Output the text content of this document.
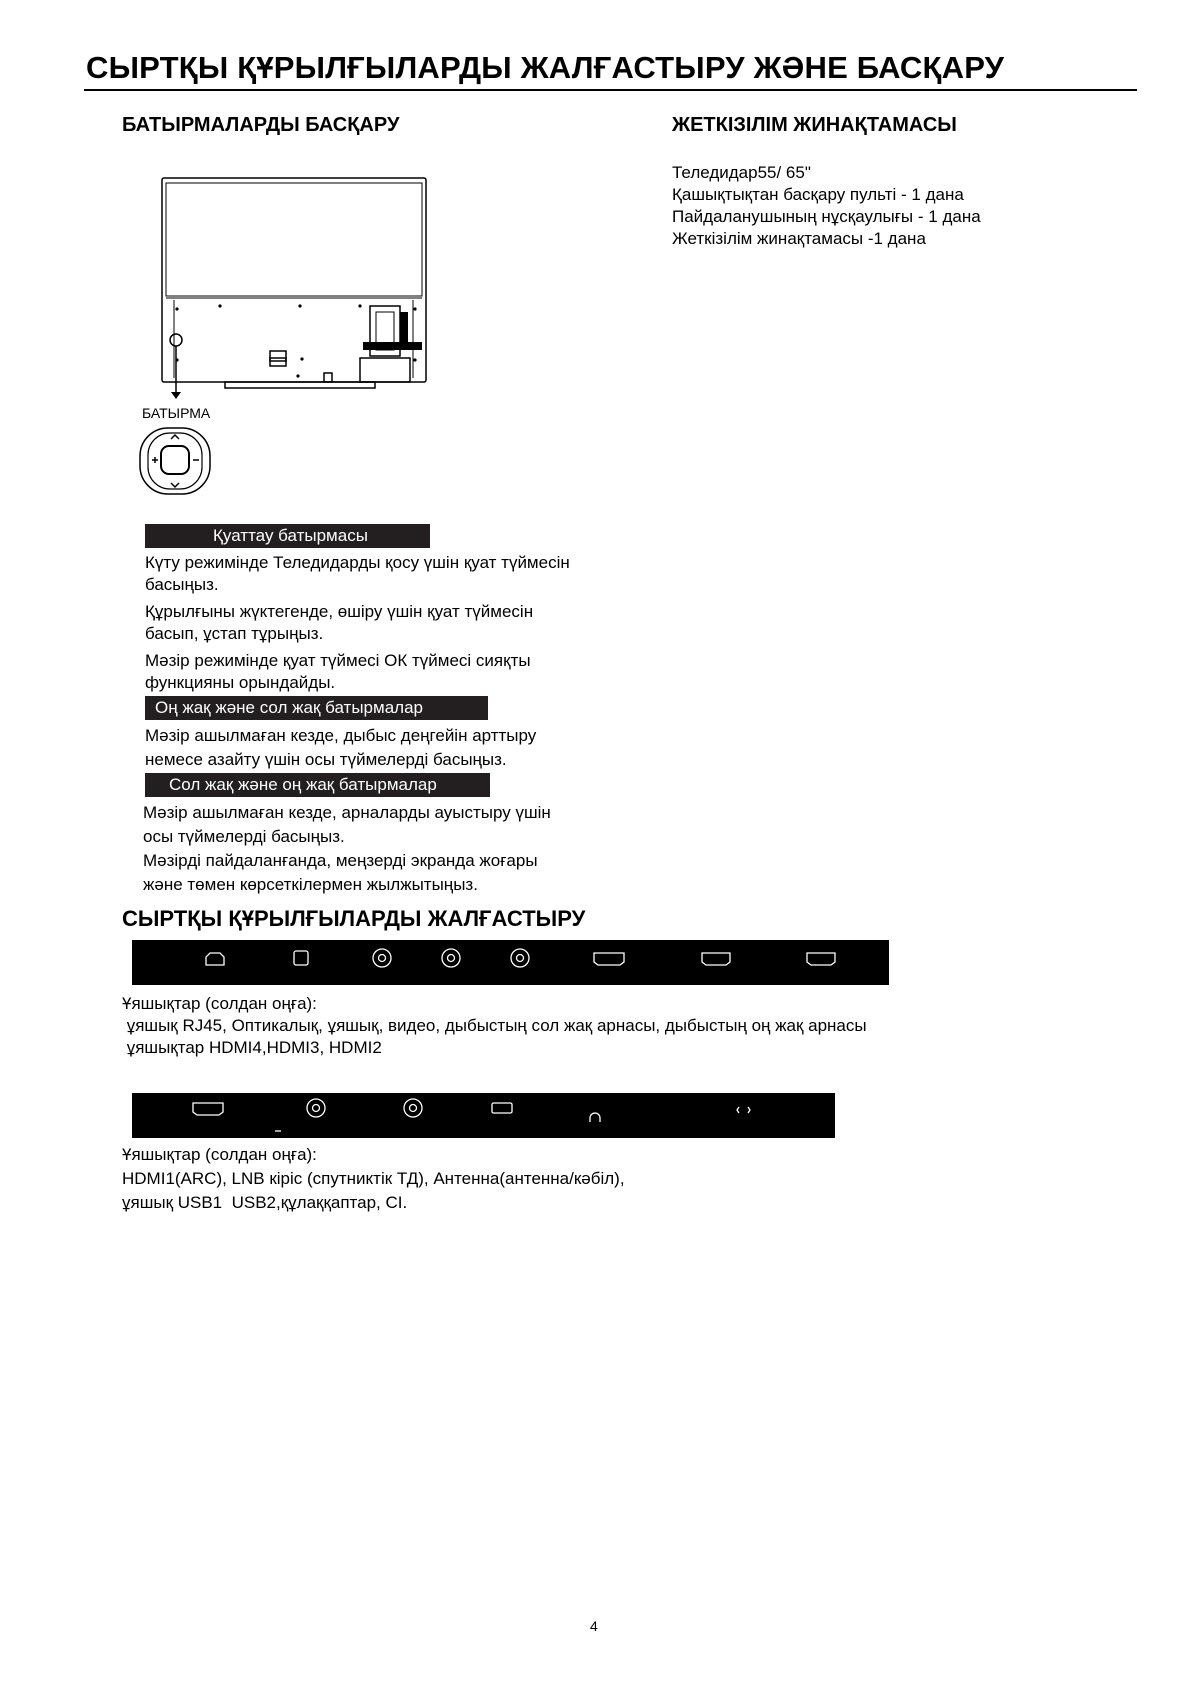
СЫРТҚЫ ҚҰРЫЛҒЫЛАРДЫ ЖАЛҒАСТЫРУ ЖӘНЕ БАСҚАРУ
БАТЫРМАЛАРДЫ БАСҚАРУ
БАТЫРМА
Қуаттау батырмасы
Күту режимінде Теледидарды қосу үшін қуат түймесін
басыңыз.
Құрылғыны жүктегенде, өшіру үшін қуат түймесін
басып, ұстап тұрыңыз.
Мәзір режимінде қуат түймесі ОК түймесі сияқты
функцияны орындайды.
Оң жақ және сол жақ батырмалар
Мәзір ашылмаған кезде, дыбыс деңгейін арттыру
немесе азайту үшін осы түймелерді басыңыз.
Сол жақ және оң жақ батырмалар
Мәзір ашылмаған кезде, арналарды ауыстыру үшін
осы түймелерді басыңыз.
Мәзірді пайдаланғанда, меңзерді экранда жоғары
және төмен көрсеткілермен жылжытыңыз.
ЖЕТКІЗІЛІМ ЖИНАҚТАМАСЫ
Теледидар55/ 65"
Қашықтықтан басқару пульті - 1 дана
Пайдаланушының нұсқаулығы - 1 дана
Жеткізілім жинақтамасы -1 дана
СЫРТҚЫ ҚҰРЫЛҒЫЛАРДЫ ЖАЛҒАСТЫРУ
Ұяшықтар (солдан оңға):
ұяшық RJ45, Оптикалық, ұяшық, видео, дыбыстың сол жақ арнасы, дыбыстың оң жақ арнасы
ұяшықтар HDMI4,HDMI3, HDMI2
Ұяшықтар (солдан оңға):
HDMI1(ARC), LNB кіріс (спутниктік ТД), Антенна(антенна/кәбіл),
ұяшық USB1  USB2,құлаққаптар, CI.
4
